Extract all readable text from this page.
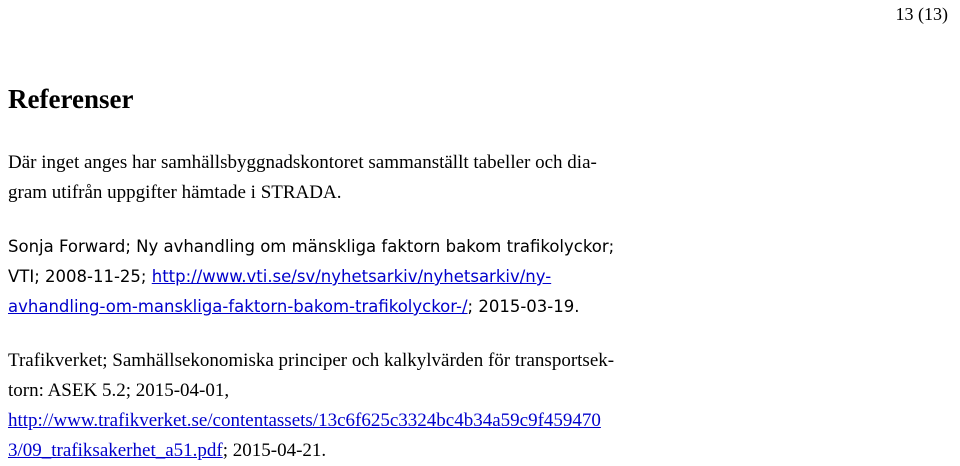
13 (13)
Referenser
Där inget anges har samhällsbyggnadskontoret sammanställt tabeller och dia-
gram utifrån uppgifter hämtade i STRADA.
Sonja Forward; Ny avhandling om mänskliga faktorn bakom trafikolyckor;
VTI; 2008-11-25; http://www.vti.se/sv/nyhetsarkiv/nyhetsarkiv/ny-
avhandling-om-manskliga-faktorn-bakom-trafikolyckor-/; 2015-03-19.
Trafikverket; Samhällsekonomiska principer och kalkylvärden för transportsek-
torn: ASEK 5.2; 2015-04-01,
http://www.trafikverket.se/contentassets/13c6f625c3324bc4b34a59c9f459470
3/09_trafiksakerhet_a51.pdf; 2015-04-21.
